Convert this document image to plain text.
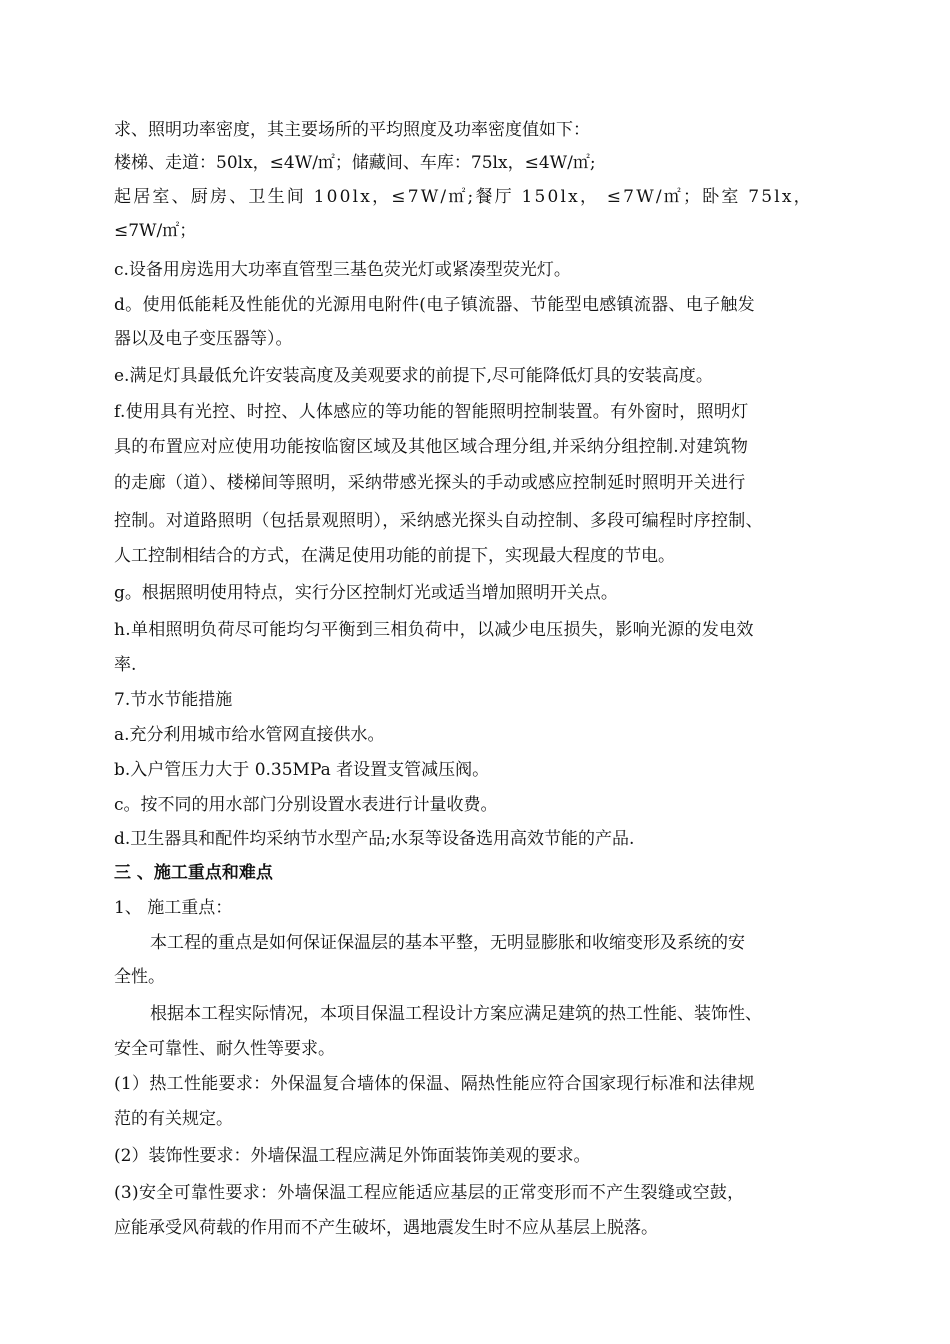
求、照明功率密度，其主要场所的平均照度及功率密度值如下：
楼梯、走道：50lx，≤4W/㎡；储藏间、车库：75lx，≤4W/㎡;
起居室、厨房、卫生间 100lx，≤7W/㎡;餐厅 150lx， ≤7W/㎡；卧室 75lx，
≤7W/㎡；
c.设备用房选用大功率直管型三基色荧光灯或紧凑型荧光灯。
d。使用低能耗及性能优的光源用电附件(电子镇流器、节能型电感镇流器、电子触发
器以及电子变压器等）。
e.满足灯具最低允许安装高度及美观要求的前提下,尽可能降低灯具的安装高度。
f.使用具有光控、时控、人体感应的等功能的智能照明控制装置。有外窗时，照明灯
具的布置应对应使用功能按临窗区域及其他区域合理分组,并采纳分组控制.对建筑物
的走廊（道）、楼梯间等照明，采纳带感光探头的手动或感应控制延时照明开关进行
控制。对道路照明（包括景观照明），采纳感光探头自动控制、多段可编程时序控制、
人工控制相结合的方式，在满足使用功能的前提下，实现最大程度的节电。
g。根据照明使用特点，实行分区控制灯光或适当增加照明开关点。
h.单相照明负荷尽可能均匀平衡到三相负荷中，以减少电压损失，影响光源的发电效
率.
7.节水节能措施
a.充分利用城市给水管网直接供水。
b.入户管压力大于 0.35MPa 者设置支管减压阀。
c。按不同的用水部门分别设置水表进行计量收费。
d.卫生器具和配件均采纳节水型产品;水泵等设备选用高效节能的产品.
三 、施工重点和难点
1、 施工重点：
本工程的重点是如何保证保温层的基本平整，无明显膨胀和收缩变形及系统的安
全性。
根据本工程实际情况，本项目保温工程设计方案应满足建筑的热工性能、装饰性、
安全可靠性、耐久性等要求。
(1）热工性能要求：外保温复合墙体的保温、隔热性能应符合国家现行标准和法律规
范的有关规定。
(2）装饰性要求：外墙保温工程应满足外饰面装饰美观的要求。
(3)安全可靠性要求：外墙保温工程应能适应基层的正常变形而不产生裂缝或空鼓，
应能承受风荷载的作用而不产生破坏，遇地震发生时不应从基层上脱落。
